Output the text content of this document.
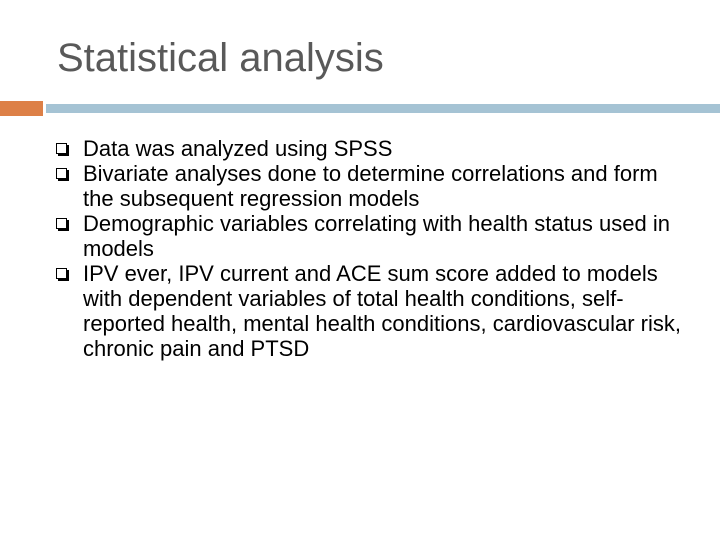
Statistical analysis
Data was analyzed using SPSS
Bivariate analyses done to determine correlations and form the subsequent regression models
Demographic variables correlating with health status used in models
IPV ever, IPV current and ACE sum score added to models with dependent variables of total health conditions, self-reported health, mental health conditions, cardiovascular risk, chronic pain and PTSD
